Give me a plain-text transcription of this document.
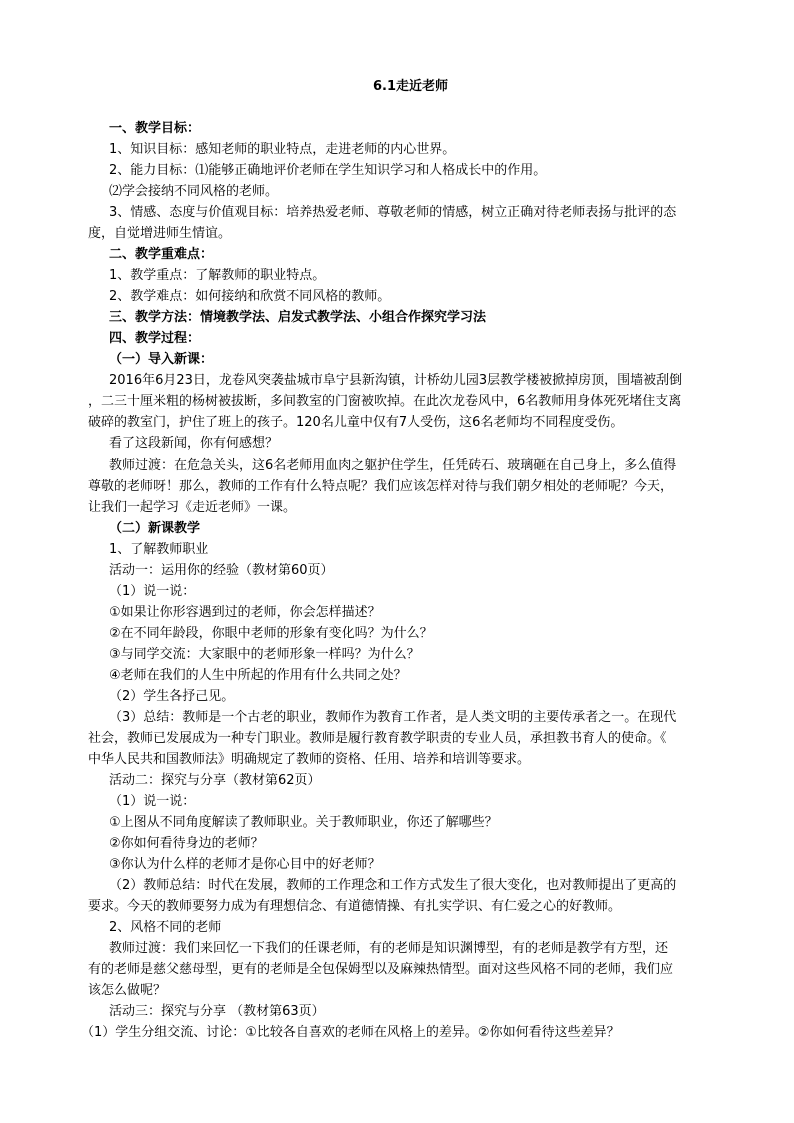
6.1走近老师
一、教学目标：
1、知识目标：感知老师的职业特点，走进老师的内心世界。
2、能力目标：⑴能够正确地评价老师在学生知识学习和人格成长中的作用。
⑵学会接纳不同风格的老师。
3、情感、态度与价值观目标：培养热爱老师、尊敬老师的情感，树立正确对待老师表扬与批评的态
度，自觉增进师生情谊。
二、教学重难点：
1、教学重点：了解教师的职业特点。
2、教学难点：如何接纳和欣赏不同风格的教师。
三、教学方法：情境教学法、启发式教学法、小组合作探究学习法
四、教学过程：
（一）导入新课：
2016年6月23日，龙卷风突袭盐城市阜宁县新沟镇，计桥幼儿园3层教学楼被掀掉房顶，围墙被刮倒
，二三十厘米粗的杨树被拔断，多间教室的门窗被吹掉。在此次龙卷风中，6名教师用身体死死堵住支离
破碎的教室门，护住了班上的孩子。120名儿童中仅有7人受伤，这6名老师均不同程度受伤。
看了这段新闻，你有何感想？
教师过渡：在危急关头，这6名老师用血肉之躯护住学生，任凭砖石、玻璃砸在自己身上，多么值得
尊敬的老师呀！那么，教师的工作有什么特点呢？我们应该怎样对待与我们朝夕相处的老师呢？今天，
让我们一起学习《走近老师》一课。
（二）新课教学
1、了解教师职业
活动一：运用你的经验（教材第60页）
（1）说一说：
①如果让你形容遇到过的老师，你会怎样描述？
②在不同年龄段，你眼中老师的形象有变化吗？为什么？
③与同学交流：大家眼中的老师形象一样吗？为什么？
④老师在我们的人生中所起的作用有什么共同之处？
（2）学生各抒己见。
（3）总结：教师是一个古老的职业，教师作为教育工作者，是人类文明的主要传承者之一。在现代
社会，教师已发展成为一种专门职业。教师是履行教育教学职责的专业人员，承担教书育人的使命。《
中华人民共和国教师法》明确规定了教师的资格、任用、培养和培训等要求。
活动二：探究与分享（教材第62页）
（1）说一说：
①上图从不同角度解读了教师职业。关于教师职业，你还了解哪些？
②你如何看待身边的老师？
③你认为什么样的老师才是你心目中的好老师？
（2）教师总结：时代在发展，教师的工作理念和工作方式发生了很大变化，也对教师提出了更高的
要求。今天的教师要努力成为有理想信念、有道德情操、有扎实学识、有仁爱之心的好教师。
2、风格不同的老师
教师过渡：我们来回忆一下我们的任课老师，有的老师是知识渊博型，有的老师是教学有方型，还
有的老师是慈父慈母型，更有的老师是全包保姆型以及麻辣热情型。面对这些风格不同的老师，我们应
该怎么做呢？
活动三：探究与分享 （教材第63页）
（1）学生分组交流、讨论：①比较各自喜欢的老师在风格上的差异。②你如何看待这些差异？
